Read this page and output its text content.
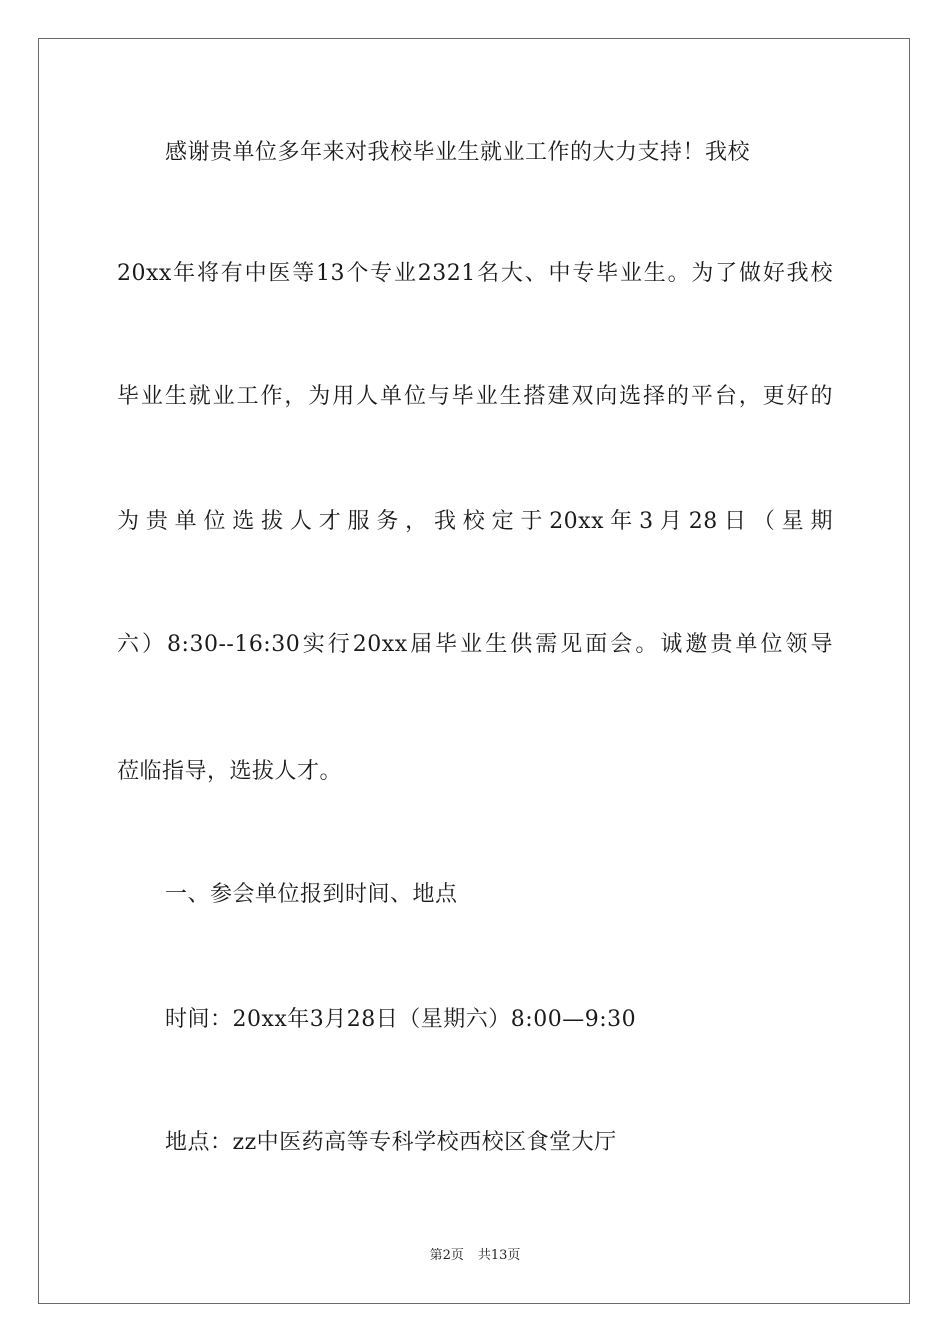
感谢贵单位多年来对我校毕业生就业工作的大力支持！我校
20xx年将有中医等13个专业2321名大、中专毕业生。为了做好我校
毕业生就业工作，为用人单位与毕业生搭建双向选择的平台，更好的
为贵单位选拔人才服务，我校定于20xx年3月28日（星期
六）8:30--16:30实行20xx届毕业生供需见面会。诚邀贵单位领导
莅临指导，选拔人才。
一、参会单位报到时间、地点
时间：20xx年3月28日（星期六）8:00—9:30
地点：zz中医药高等专科学校西校区食堂大厅
第2页 共13页
